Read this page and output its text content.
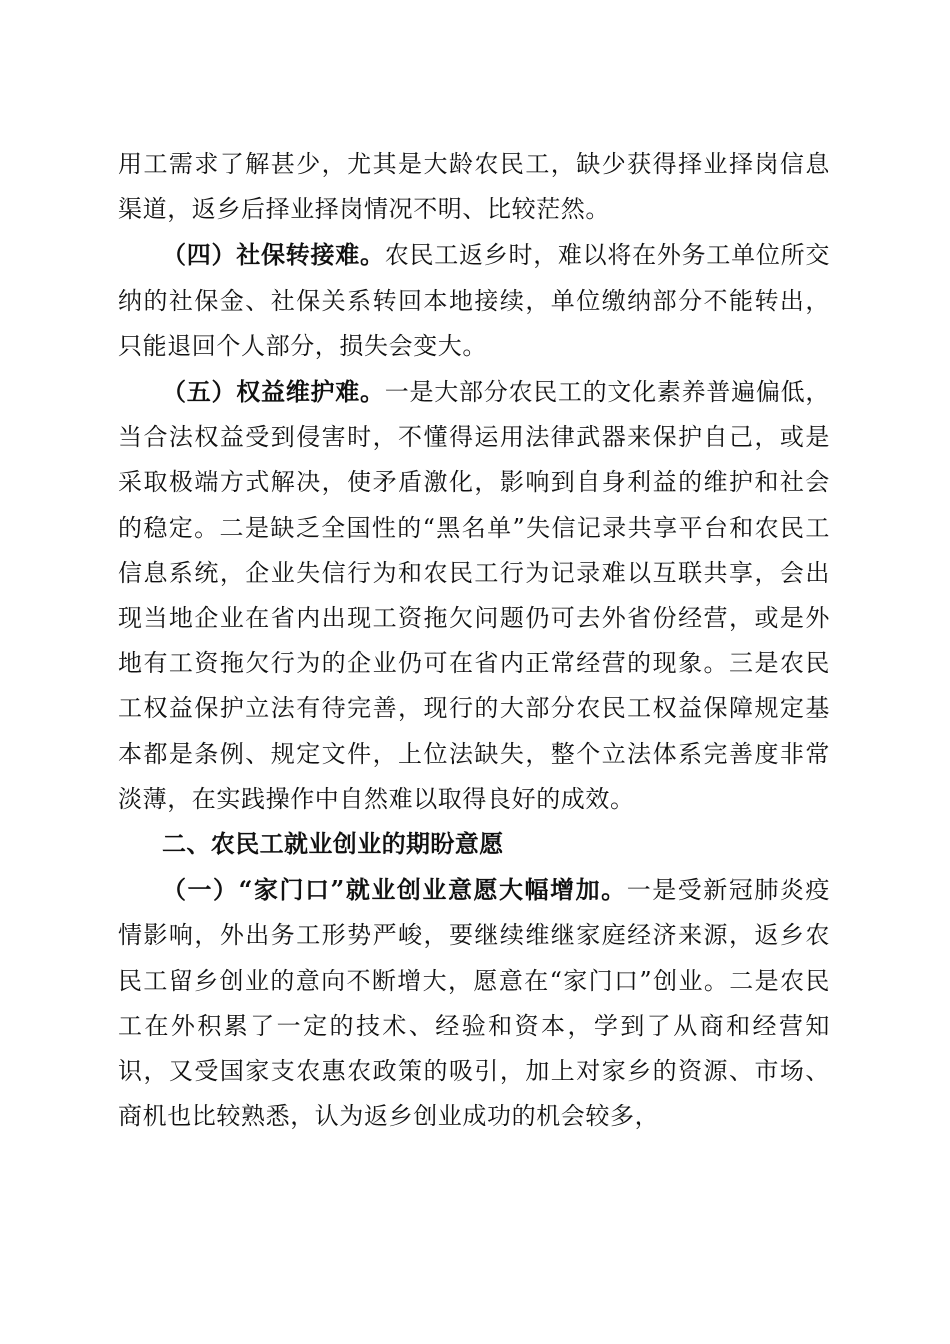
用工需求了解甚少，尤其是大龄农民工，缺少获得择业择岗信息渠道，返乡后择业择岗情况不明、比较茫然。

（四）社保转接难。农民工返乡时，难以将在外务工单位所交纳的社保金、社保关系转回本地接续，单位缴纳部分不能转出，只能退回个人部分，损失会变大。

（五）权益维护难。一是大部分农民工的文化素养普遍偏低，当合法权益受到侵害时，不懂得运用法律武器来保护自己，或是采取极端方式解决，使矛盾激化，影响到自身利益的维护和社会的稳定。二是缺乏全国性的“黑名单”失信记录共享平台和农民工信息系统，企业失信行为和农民工行为记录难以互联共享，会出现当地企业在省内出现工资拖欠问题仍可去外省份经营，或是外地有工资拖欠行为的企业仍可在省内正常经营的现象。三是农民工权益保护立法有待完善，现行的大部分农民工权益保障规定基本都是条例、规定文件，上位法缺失，整个立法体系完善度非常淡薄，在实践操作中自然难以取得良好的成效。

二、农民工就业创业的期盼意愿

（一）“家门口”就业创业意愿大幅增加。一是受新冠肺炎疫情影响，外出务工形势严峻，要继续维继家庭经济来源，返乡农民工留乡创业的意向不断增大，愿意在“家门口”创业。二是农民工在外积累了一定的技术、经验和资本，学到了从商和经营知识，又受国家支农惠农政策的吸引，加上对家乡的资源、市场、商机也比较熟悉，认为返乡创业成功的机会较多，
